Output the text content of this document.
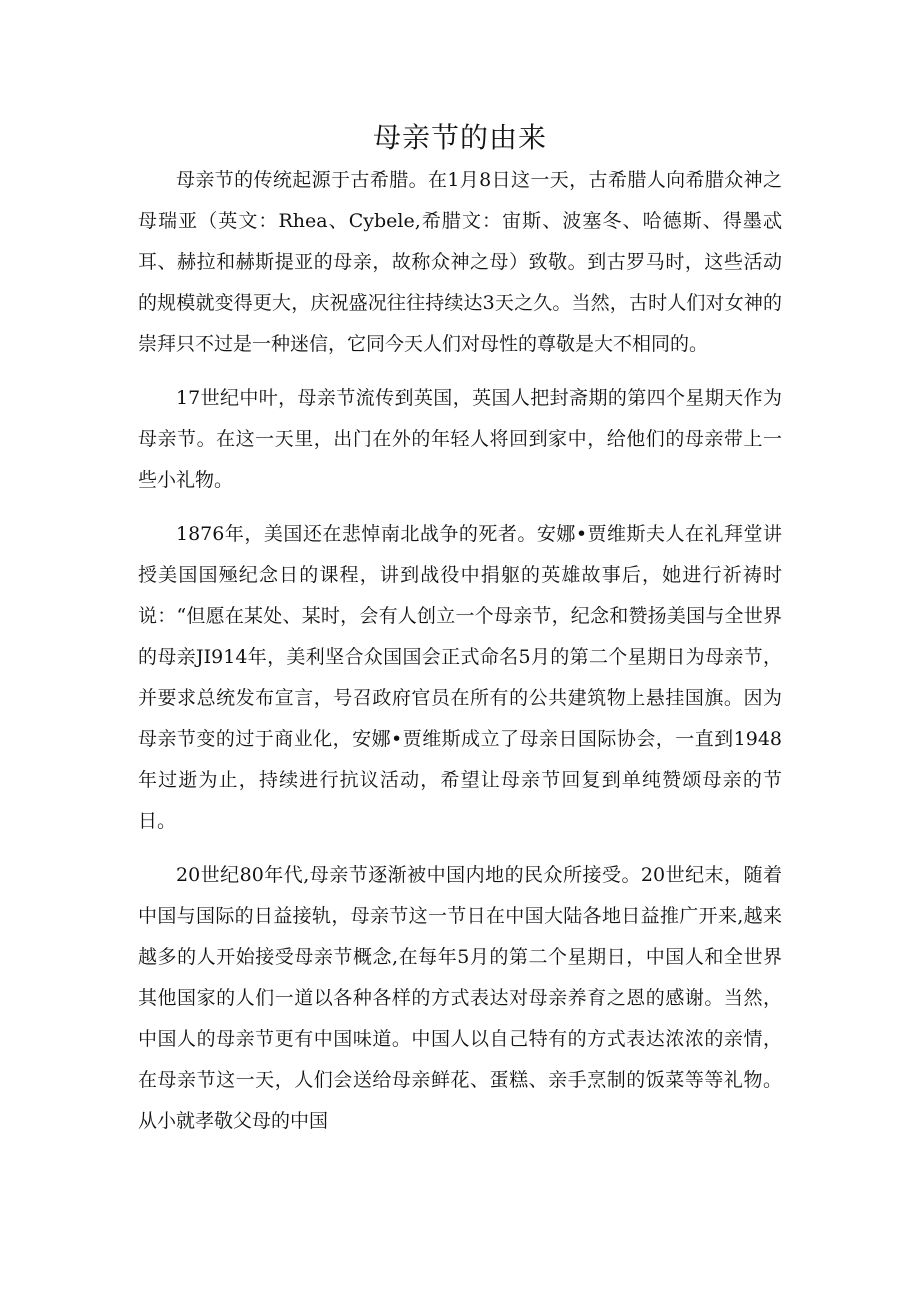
母亲节的由来

母亲节的传统起源于古希腊。在1月8日这一天，古希腊人向希腊众神之母瑞亚（英文：Rhea、Cybele,希腊文：宙斯、波塞冬、哈德斯、得墨忒耳、赫拉和赫斯提亚的母亲，故称众神之母）致敬。到古罗马时，这些活动的规模就变得更大，庆祝盛况往往持续达3天之久。当然，古时人们对女神的崇拜只不过是一种迷信，它同今天人们对母性的尊敬是大不相同的。

17世纪中叶，母亲节流传到英国，英国人把封斋期的第四个星期天作为母亲节。在这一天里，出门在外的年轻人将回到家中，给他们的母亲带上一些小礼物。

1876年，美国还在悲悼南北战争的死者。安娜•贾维斯夫人在礼拜堂讲授美国国殛纪念日的课程，讲到战役中捐躯的英雄故事后，她进行祈祷时说：“但愿在某处、某时，会有人创立一个母亲节，纪念和赞扬美国与全世界的母亲JI914年，美利坚合众国国会正式命名5月的第二个星期日为母亲节，并要求总统发布宣言，号召政府官员在所有的公共建筑物上悬挂国旗。因为母亲节变的过于商业化，安娜•贾维斯成立了母亲日国际协会，一直到1948年过逝为止，持续进行抗议活动，希望让母亲节回复到单纯赞颂母亲的节日。

20世纪80年代,母亲节逐渐被中国内地的民众所接受。20世纪末，随着中国与国际的日益接轨，母亲节这一节日在中国大陆各地日益推广开来,越来越多的人开始接受母亲节概念,在每年5月的第二个星期日，中国人和全世界其他国家的人们一道以各种各样的方式表达对母亲养育之恩的感谢。当然，中国人的母亲节更有中国味道。中国人以自己特有的方式表达浓浓的亲情，在母亲节这一天，人们会送给母亲鲜花、蛋糕、亲手烹制的饭菜等等礼物。从小就孝敬父母的中国
